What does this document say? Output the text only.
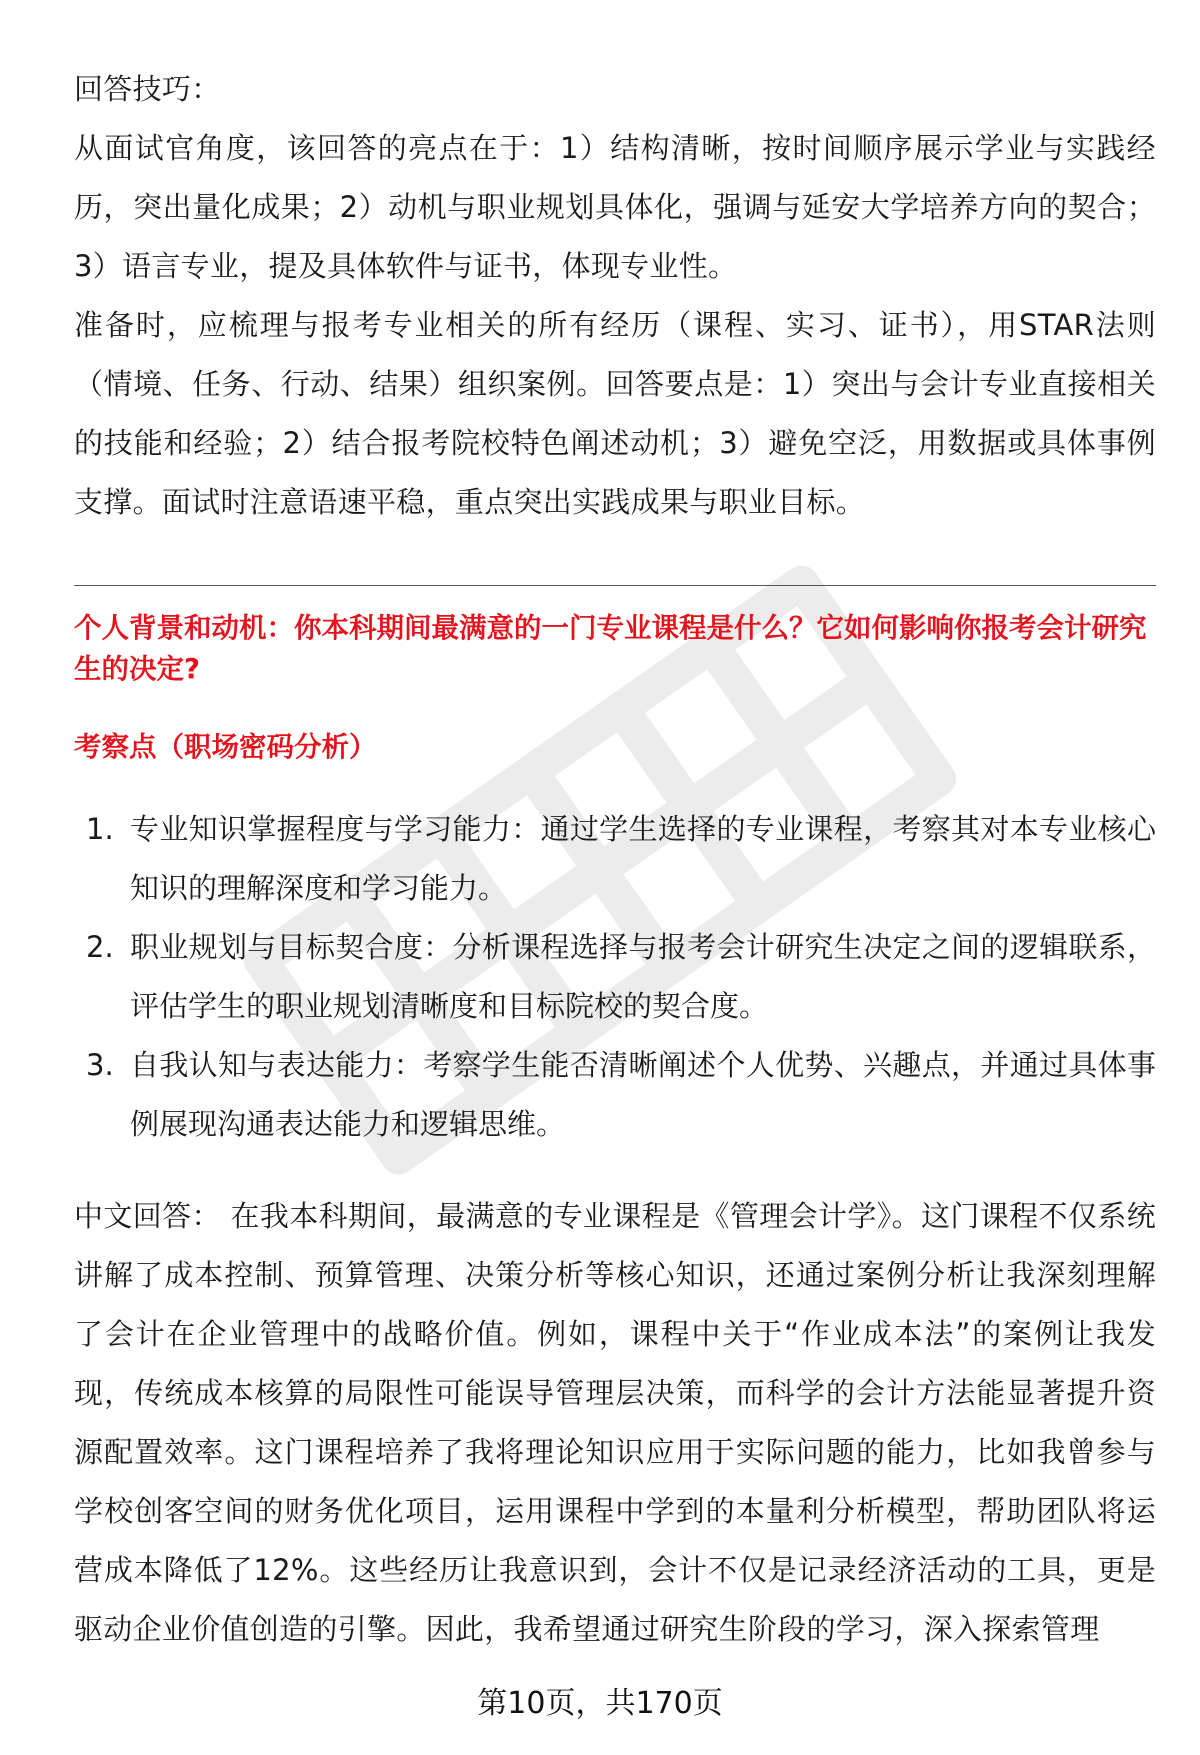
回答技巧：

从面试官角度，该回答的亮点在于：1）结构清晰，按时间顺序展示学业与实践经历，突出量化成果；2）动机与职业规划具体化，强调与延安大学培养方向的契合；3）语言专业，提及具体软件与证书，体现专业性。

准备时，应梳理与报考专业相关的所有经历（课程、实习、证书），用STAR法则（情境、任务、行动、结果）组织案例。回答要点是：1）突出与会计专业直接相关的技能和经验；2）结合报考院校特色阐述动机；3）避免空泛，用数据或具体事例支撑。面试时注意语速平稳，重点突出实践成果与职业目标。

个人背景和动机：你本科期间最满意的一门专业课程是什么？它如何影响你报考会计研究生的决定?

考察点（职场密码分析）

1. 专业知识掌握程度与学习能力：通过学生选择的专业课程，考察其对本专业核心知识的理解深度和学习能力。
2. 职业规划与目标契合度：分析课程选择与报考会计研究生决定之间的逻辑联系，评估学生的职业规划清晰度和目标院校的契合度。
3. 自我认知与表达能力：考察学生能否清晰阐述个人优势、兴趣点，并通过具体事例展现沟通表达能力和逻辑思维。

中文回答： 在我本科期间，最满意的专业课程是《管理会计学》。这门课程不仅系统讲解了成本控制、预算管理、决策分析等核心知识，还通过案例分析让我深刻理解了会计在企业管理中的战略价值。例如，课程中关于“作业成本法”的案例让我发现，传统成本核算的局限性可能误导管理层决策，而科学的会计方法能显著提升资源配置效率。这门课程培养了我将理论知识应用于实际问题的能力，比如我曾参与学校创客空间的财务优化项目，运用课程中学到的本量利分析模型，帮助团队将运营成本降低了12%。这些经历让我意识到，会计不仅是记录经济活动的工具，更是驱动企业价值创造的引擎。因此，我希望通过研究生阶段的学习，深入探索管理

第10页，共170页
